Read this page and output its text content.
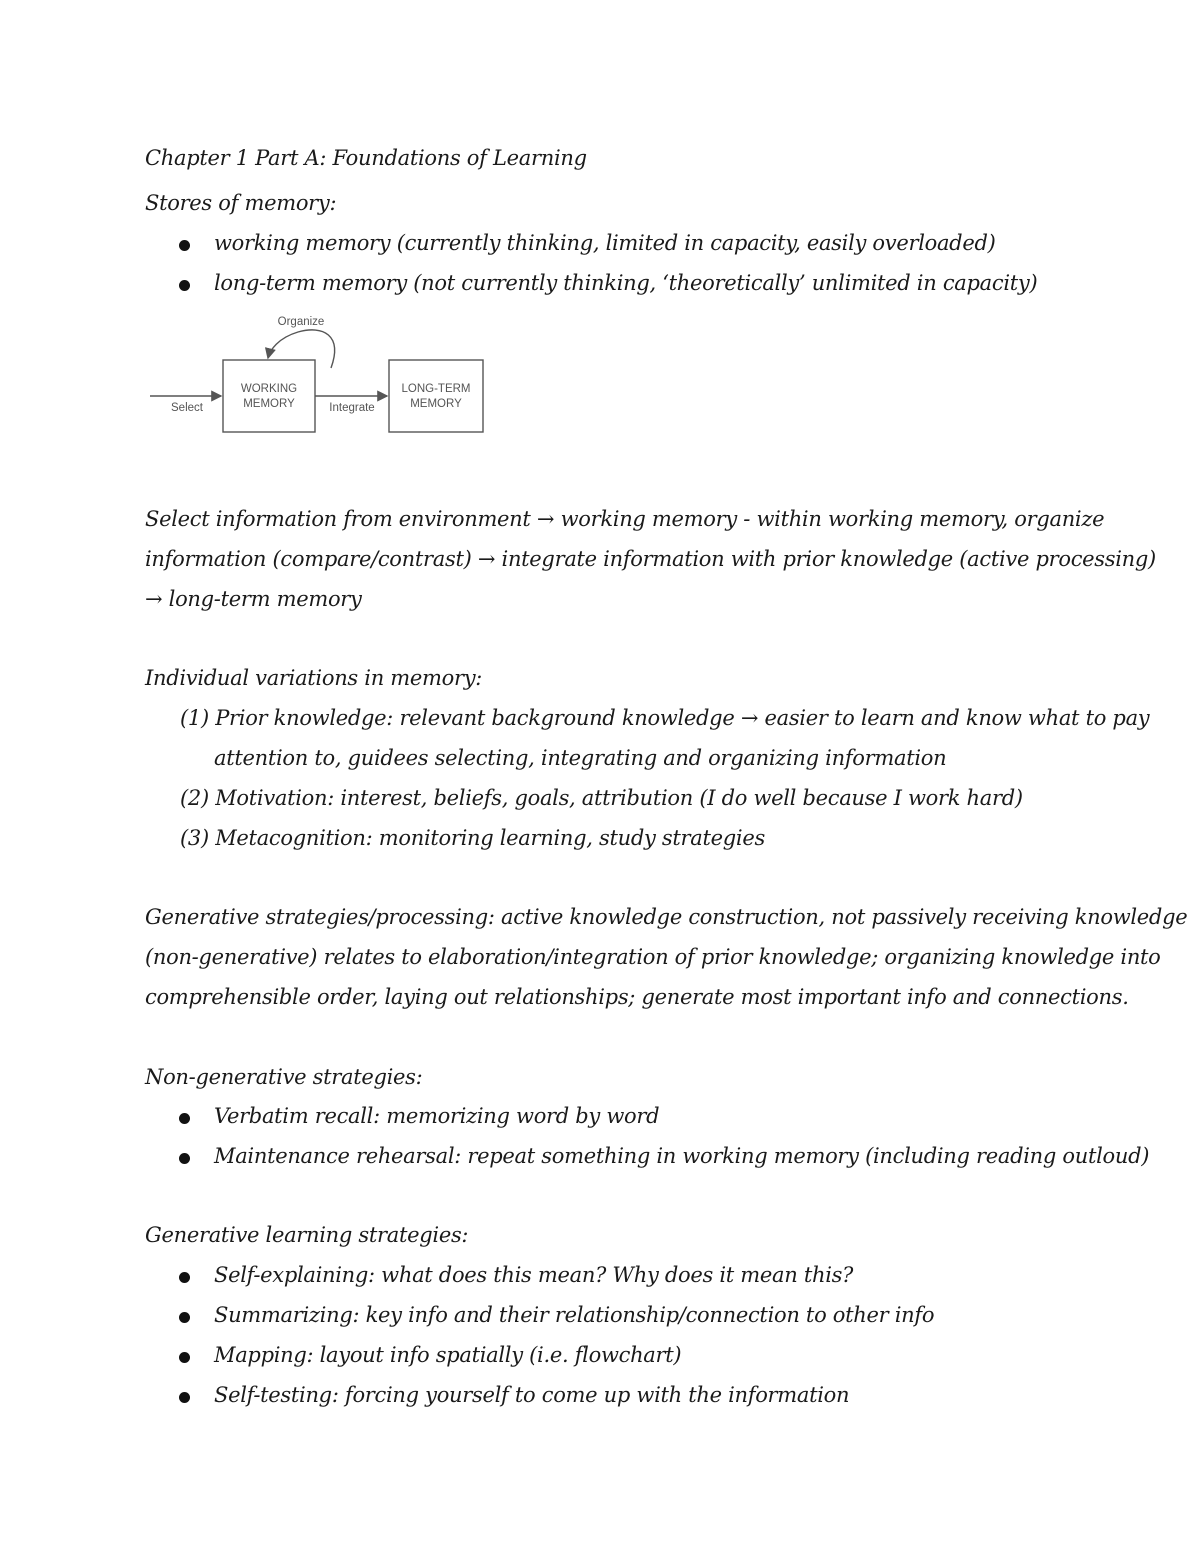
Chapter 1 Part A: Foundations of Learning
Stores of memory:
working memory (currently thinking, limited in capacity, easily overloaded)
long-term memory (not currently thinking, ‘theoretically’ unlimited in capacity)
Organize
Select
WORKING
MEMORY	Integrate
LONG-TERM
MEMORY
Select information from environment → working memory - within working memory, organize
information (compare/contrast) → integrate information with prior knowledge (active processing)
→ long-term memory
Individual variations in memory:
(1) Prior knowledge: relevant background knowledge → easier to learn and know what to pay
attention to, guidees selecting, integrating and organizing information
(2) Motivation: interest, beliefs, goals, attribution (I do well because I work hard)
(3) Metacognition: monitoring learning, study strategies
Generative strategies/processing: active knowledge construction, not passively receiving knowledge
(non-generative) relates to elaboration/integration of prior knowledge; organizing knowledge into
comprehensible order, laying out relationships; generate most important info and connections.
Non-generative strategies:
Verbatim recall: memorizing word by word
Maintenance rehearsal: repeat something in working memory (including reading outloud)
Generative learning strategies:
Self-explaining: what does this mean? Why does it mean this?
Summarizing: key info and their relationship/connection to other info
Mapping: layout info spatially (i.e. flowchart)
Self-testing: forcing yourself to come up with the information
